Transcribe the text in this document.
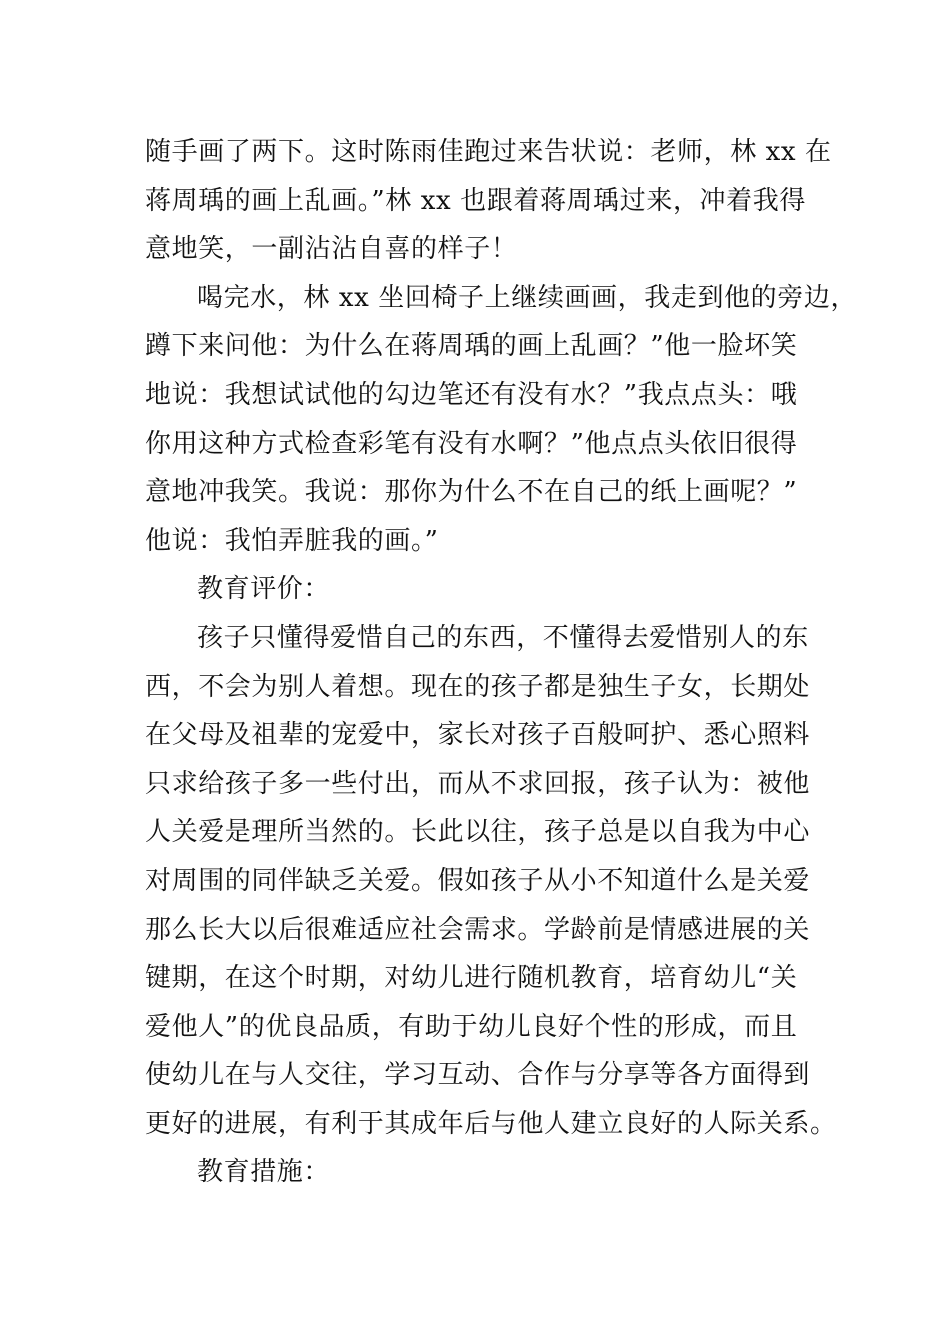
随手画了两下。这时陈雨佳跑过来告状说：老师，林 xx 在
蒋周瑀的画上乱画。”林 xx 也跟着蒋周瑀过来，冲着我得
意地笑，一副沾沾自喜的样子！
喝完水，林 xx 坐回椅子上继续画画，我走到他的旁边，
蹲下来问他：为什么在蒋周瑀的画上乱画？”他一脸坏笑
地说：我想试试他的勾边笔还有没有水？”我点点头：哦
你用这种方式检查彩笔有没有水啊？”他点点头依旧很得
意地冲我笑。我说：那你为什么不在自己的纸上画呢？”
他说：我怕弄脏我的画。”
教育评价：
孩子只懂得爱惜自己的东西，不懂得去爱惜别人的东
西，不会为别人着想。现在的孩子都是独生子女，长期处
在父母及祖辈的宠爱中，家长对孩子百般呵护、悉心照料
只求给孩子多一些付出，而从不求回报，孩子认为：被他
人关爱是理所当然的。长此以往，孩子总是以自我为中心
对周围的同伴缺乏关爱。假如孩子从小不知道什么是关爱
那么长大以后很难适应社会需求。学龄前是情感进展的关
键期，在这个时期，对幼儿进行随机教育，培育幼儿“关
爱他人”的优良品质，有助于幼儿良好个性的形成，而且
使幼儿在与人交往，学习互动、合作与分享等各方面得到
更好的进展，有利于其成年后与他人建立良好的人际关系。
教育措施：
